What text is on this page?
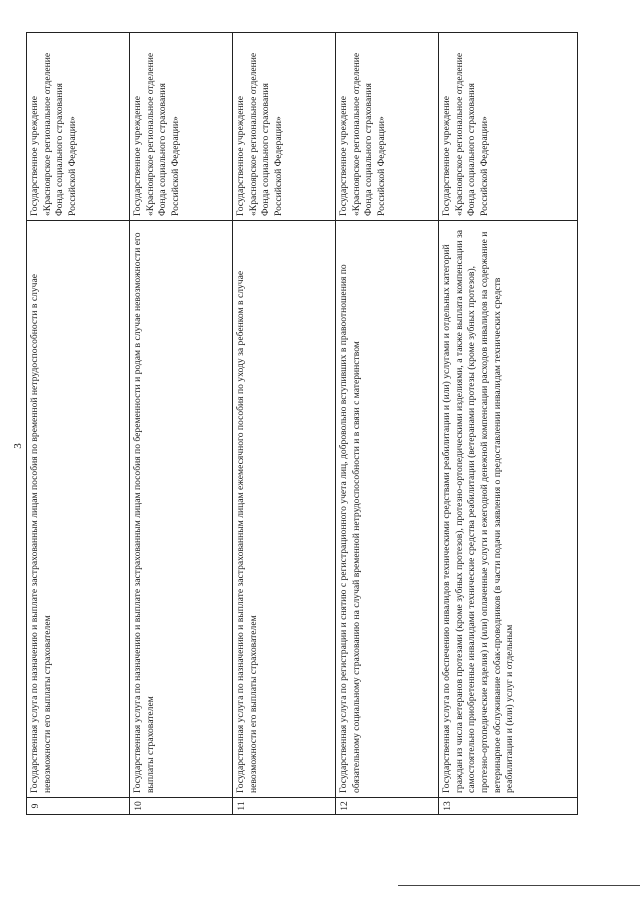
3
9	Государственная услуга по назначению и выплате застрахованным лицам пособия по временной нетрудоспособности в случае невозможности его выплаты страхователем	Государственное учреждение «Красноярское региональное отделение Фонда социального страхования Российской Федерации»
10	Государственная услуга по назначению и выплате застрахованным лицам пособия по беременности и родам в случае невозможности его выплаты страхователем	Государственное учреждение «Красноярское региональное отделение Фонда социального страхования Российской Федерации»
11	Государственная услуга по назначению и выплате застрахованным лицам ежемесячного пособия по уходу за ребенком в случае невозможности его выплаты страхователем	Государственное учреждение «Красноярское региональное отделение Фонда социального страхования Российской Федерации»
12	Государственная услуга по регистрации и снятию с регистрационного учета лиц, добровольно вступивших в правоотношения по обязательному социальному страхованию на случай временной нетрудоспособности и в связи с материнством	Государственное учреждение «Красноярское региональное отделение Фонда социального страхования Российской Федерации»
13	Государственная услуга по обеспечению инвалидов техническими средствами реабилитации и (или) услугами и отдельных категорий граждан из числа ветеранов протезами (кроме зубных протезов), протезно-ортопедическими изделиями, а также выплата компенсации за самостоятельно приобретенные инвалидами технические средства реабилитации (ветеранами протезы (кроме зубных протезов), протезно-ортопедические изделия) и (или) оплаченные услуги и ежегодной денежной компенсации расходов инвалидов на содержание и ветеринарное обслуживание собак-проводников (в части подачи заявления о предоставлении инвалидам технических средств реабилитации и (или) услуг и отдельным	Государственное учреждение «Красноярское региональное отделение Фонда социального страхования Российской Федерации»
